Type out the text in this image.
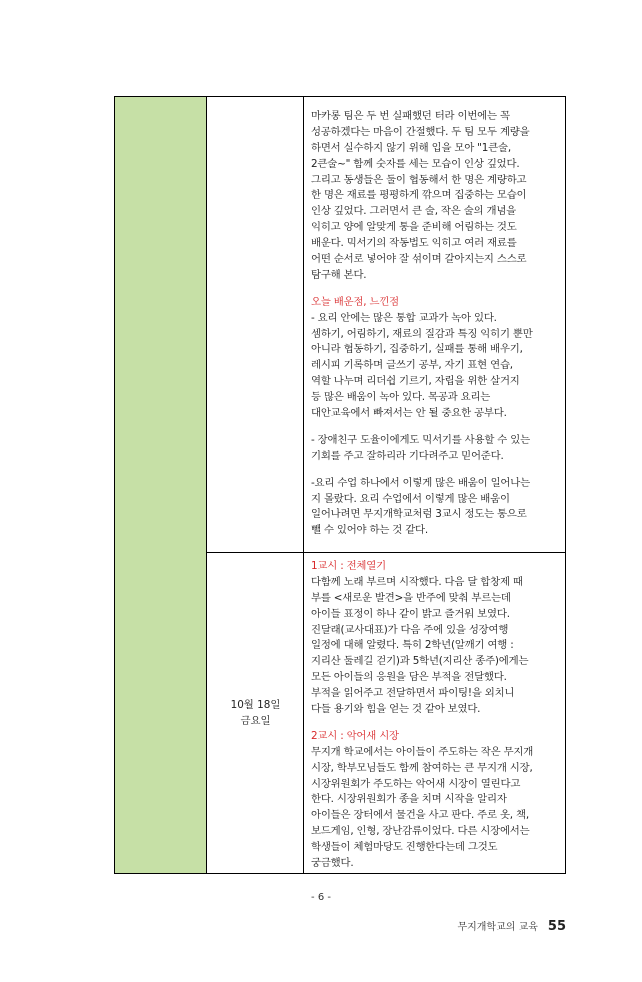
10월 18일
금요일
마카롱 팀은 두 번 실패했던 터라 이번에는 꼭
성공하겠다는 마음이 간절했다. 두 팀 모두 계량을
하면서 실수하지 않기 위해 입을 모아 "1큰술,
2큰술~" 함께 숫자를 세는 모습이 인상 깊었다.
그리고 동생들은 둘이 협동해서 한 명은 계량하고
한 명은 재료를 평평하게 깎으며 집중하는 모습이
인상 깊었다. 그러면서 큰 술, 작은 술의 개념을
익히고 양에 알맞게 통을 준비해 어림하는 것도
배운다. 믹서기의 작동법도 익히고 여러 재료를
어떤 순서로 넣어야 잘 섞이며 갈아지는지 스스로
탐구해 본다.
오늘 배운점, 느낀점
- 요리 안에는 많은 통합 교과가 녹아 있다.
셈하기, 어림하기, 재료의 질감과 특징 익히기 뿐만
아니라 협동하기, 집중하기, 실패를 통해 배우기,
레시피 기록하며 글쓰기 공부, 자기 표현 연습,
역할 나누며 리더쉽 기르기, 자립을 위한 살거지
등 많은 배움이 녹아 있다. 목공과 요리는
대안교육에서 빠져서는 안 될 중요한 공부다.
- 장애친구 도율이에게도 믹서기를 사용할 수 있는
기회를 주고 잘하리라 기다려주고 믿어준다.
-요리 수업 하나에서 이렇게 많은 배움이 일어나는
지 몰랐다. 요리 수업에서 이렇게 많은 배움이
일어나려면 무지개학교처럼 3교시 정도는 통으로
뺄 수 있어야 하는 것 같다.
1교시 : 전체열기
다함께 노래 부르며 시작했다. 다음 달 합창제 때
부를 <새로운 발견>을 반주에 맞춰 부르는데
아이들 표정이 하나 같이 밝고 즐거워 보였다.
진달래(교사대표)가 다음 주에 있을 성장여행
일정에 대해 알렸다. 특히 2학년(알깨기 여행 :
지리산 둘레길 걷기)과 5학년(지리산 종주)에게는
모든 아이들의 응원을 담은 부적을 전달했다.
부적을 읽어주고 전달하면서 파이팅!을 외치니
다들 용기와 힘을 얻는 것 같아 보였다.
2교시 : 악어새 시장
무지개 학교에서는 아이들이 주도하는 작은 무지개
시장, 학부모님들도 함께 참여하는 큰 무지개 시장,
시장위원회가 주도하는 악어새 시장이 열린다고
한다. 시장위원회가 종을 치며 시작을 알리자
아이들은 장터에서 물건을 사고 판다. 주로 옷, 책,
보드게임, 인형, 장난감류이었다. 다른 시장에서는
학생들이 체험마당도 진행한다는데 그것도
궁금했다.
- 6 -
무지개학교의 교육 55
